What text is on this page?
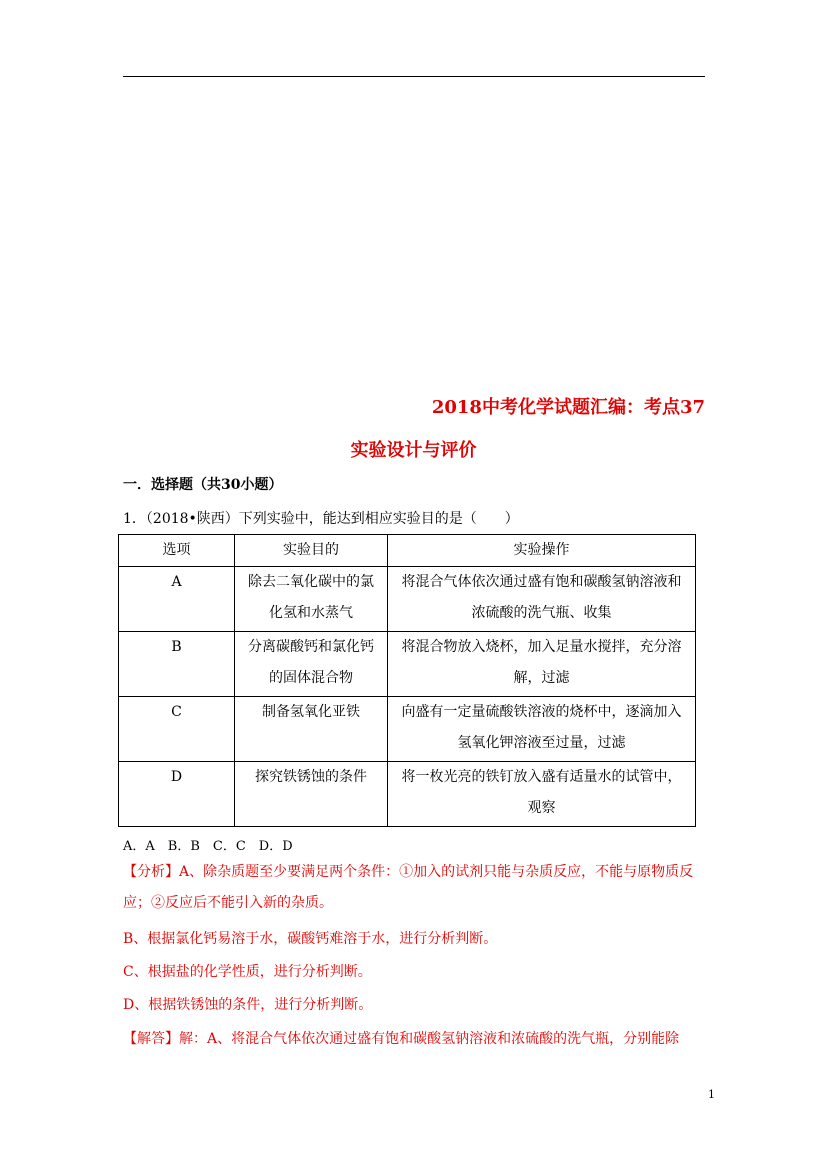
2018中考化学试题汇编：考点37
实验设计与评价
一．选择题（共30小题）
1．（2018•陕西）下列实验中，能达到相应实验目的是（　　）
选项	实验目的	实验操作
A	除去二氧化碳中的氯化氢和水蒸气	将混合气体依次通过盛有饱和碳酸氢钠溶液和浓硫酸的洗气瓶、收集
B	分离碳酸钙和氯化钙的固体混合物	将混合物放入烧杯，加入足量水搅拌，充分溶解，过滤
C	制备氢氧化亚铁	向盛有一定量硫酸铁溶液的烧杯中，逐滴加入氢氧化钾溶液至过量，过滤
D	探究铁锈蚀的条件	将一枚光亮的铁钉放入盛有适量水的试管中，观察
A．A　B．B　C．C　D．D
【分析】A、除杂质题至少要满足两个条件：①加入的试剂只能与杂质反应，不能与原物质反应；②反应后不能引入新的杂质。
B、根据氯化钙易溶于水，碳酸钙难溶于水，进行分析判断。
C、根据盐的化学性质，进行分析判断。
D、根据铁锈蚀的条件，进行分析判断。
【解答】解：A、将混合气体依次通过盛有饱和碳酸氢钠溶液和浓硫酸的洗气瓶，分别能除
1
